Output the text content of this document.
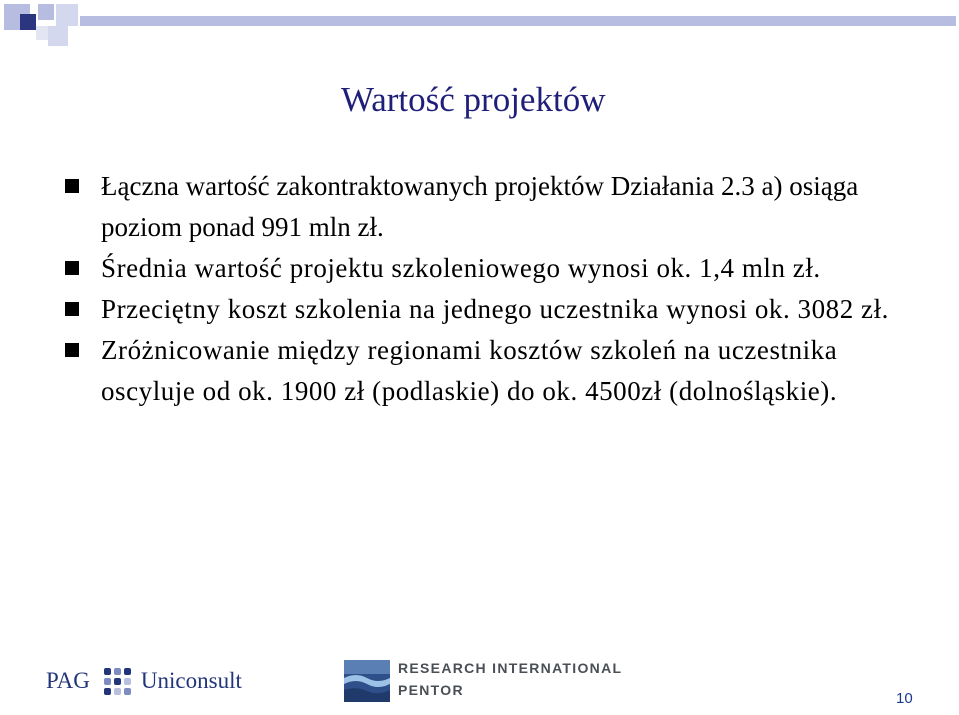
Wartość projektów
Łączna wartość zakontraktowanych projektów Działania 2.3 a) osiąga poziom ponad 991 mln zł.
Średnia wartość projektu szkoleniowego wynosi ok. 1,4 mln zł.
Przeciętny koszt szkolenia na jednego uczestnika wynosi ok. 3082 zł.
Zróżnicowanie między regionami kosztów szkoleń na uczestnika oscyluje od ok. 1900 zł (podlaskie) do ok. 4500zł (dolnośląskie).
PAG Uniconsult	RESEARCH INTERNATIONAL
PENTOR	10
